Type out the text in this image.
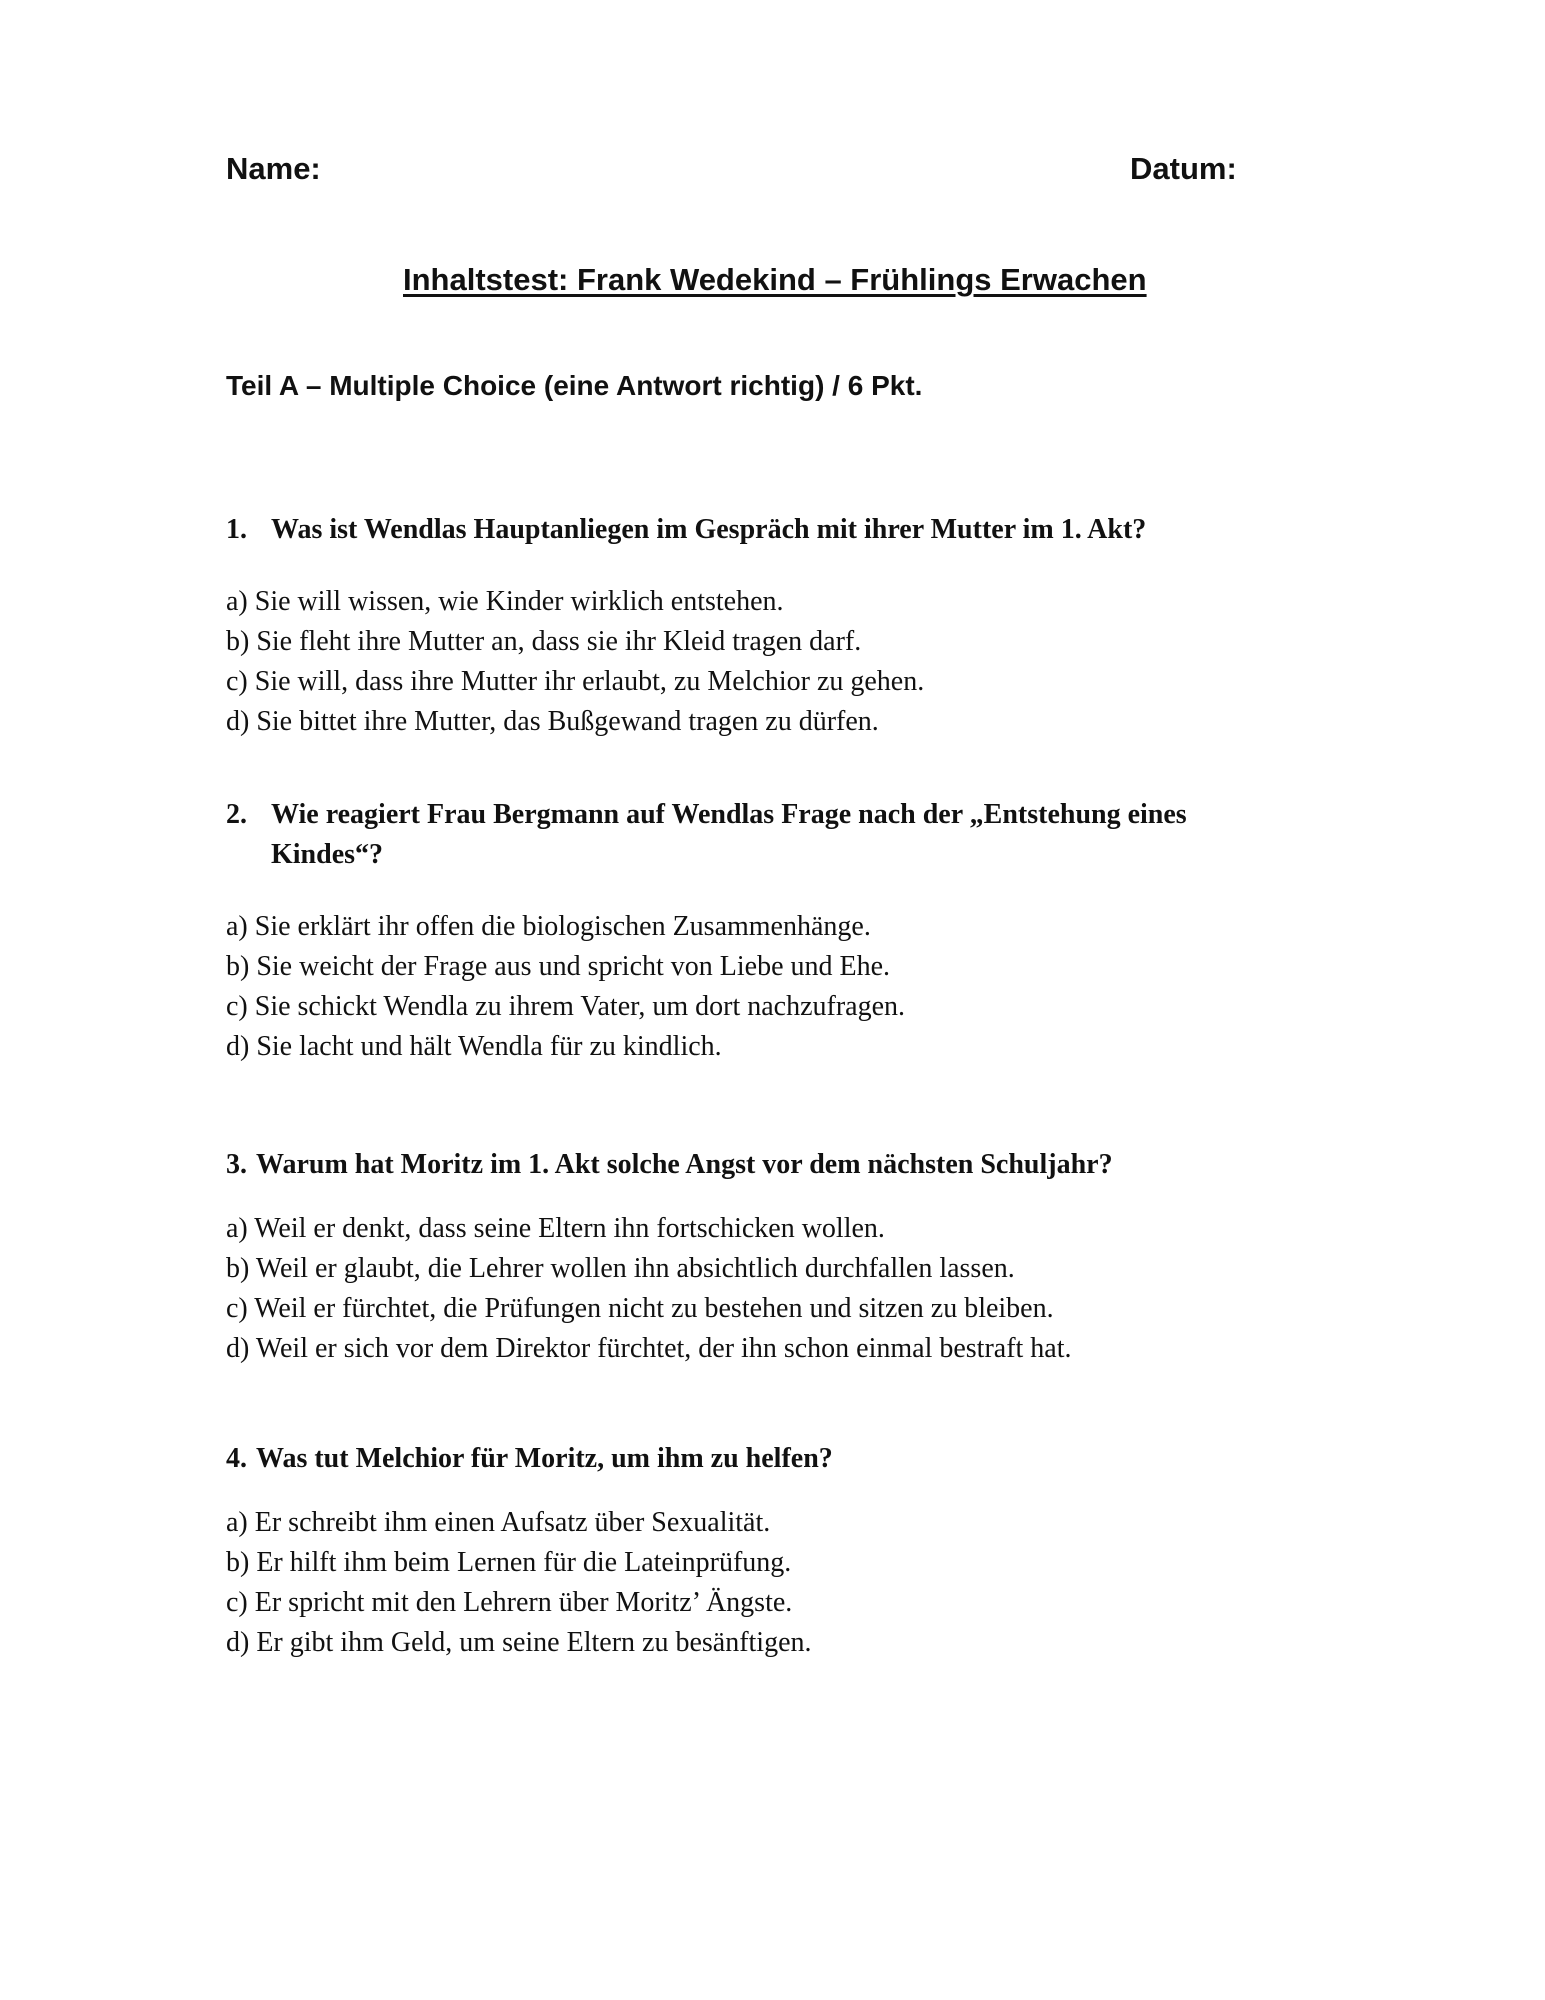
Name:	Datum:
Inhaltstest: Frank Wedekind – Frühlings Erwachen
Teil A – Multiple Choice (eine Antwort richtig) / 6 Pkt.
1. Was ist Wendlas Hauptanliegen im Gespräch mit ihrer Mutter im 1. Akt?
a) Sie will wissen, wie Kinder wirklich entstehen.
b) Sie fleht ihre Mutter an, dass sie ihr Kleid tragen darf.
c) Sie will, dass ihre Mutter ihr erlaubt, zu Melchior zu gehen.
d) Sie bittet ihre Mutter, das Bußgewand tragen zu dürfen.
2. Wie reagiert Frau Bergmann auf Wendlas Frage nach der „Entstehung eines Kindes“?
a) Sie erklärt ihr offen die biologischen Zusammenhänge.
b) Sie weicht der Frage aus und spricht von Liebe und Ehe.
c) Sie schickt Wendla zu ihrem Vater, um dort nachzufragen.
d) Sie lacht und hält Wendla für zu kindlich.
3. Warum hat Moritz im 1. Akt solche Angst vor dem nächsten Schuljahr?
a) Weil er denkt, dass seine Eltern ihn fortschicken wollen.
b) Weil er glaubt, die Lehrer wollen ihn absichtlich durchfallen lassen.
c) Weil er fürchtet, die Prüfungen nicht zu bestehen und sitzen zu bleiben.
d) Weil er sich vor dem Direktor fürchtet, der ihn schon einmal bestraft hat.
4. Was tut Melchior für Moritz, um ihm zu helfen?
a) Er schreibt ihm einen Aufsatz über Sexualität.
b) Er hilft ihm beim Lernen für die Lateinprüfung.
c) Er spricht mit den Lehrern über Moritz’ Ängste.
d) Er gibt ihm Geld, um seine Eltern zu besänftigen.
